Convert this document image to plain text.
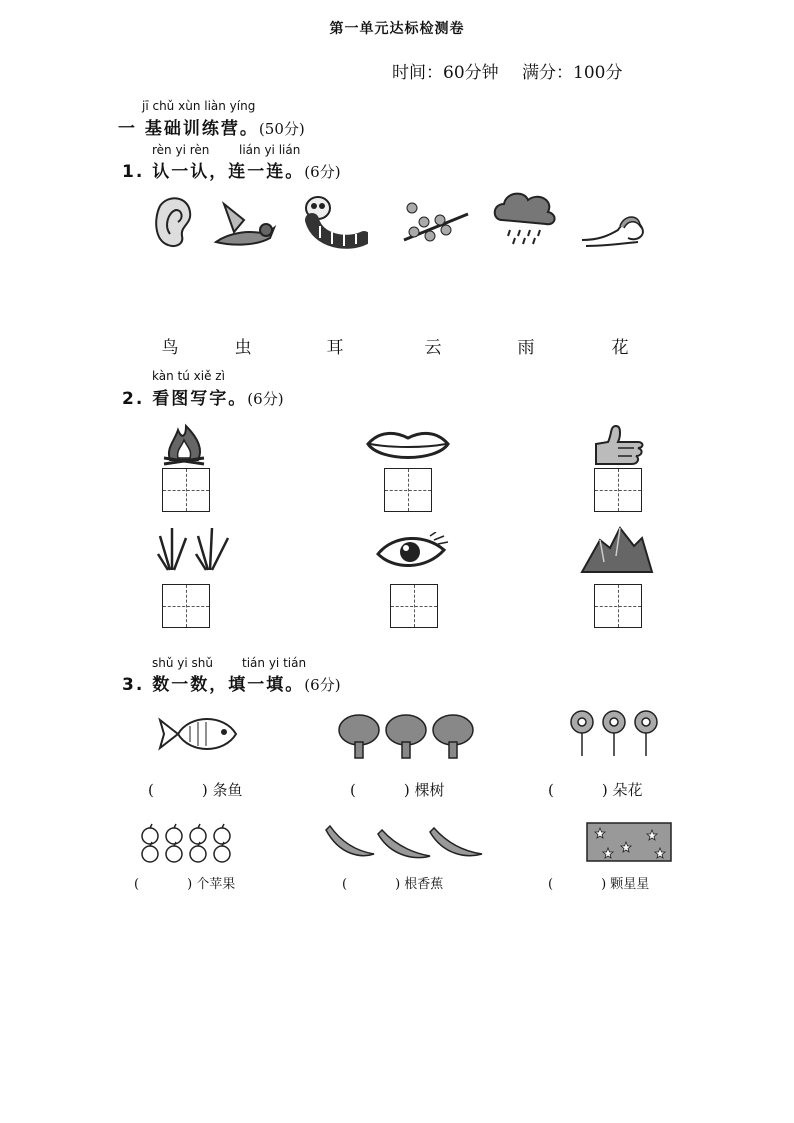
第一单元达标检测卷
时间：60分钟 满分：100分
jī chǔ xùn liàn yíng
一 基础训练营。(50分)
rèn yi rèn lián yi lián
1. 认一认，连一连。(6分)
鸟	虫	耳	云	雨	花
kàn tú xiě zì
2. 看图写字。(6分)
shǔ yi shǔ tián yi tián
3. 数一数，填一填。(6分)
(	) 条鱼	(	) 棵树	(	) 朵花
(	) 个苹果	(	) 根香蕉	(	) 颗星星
